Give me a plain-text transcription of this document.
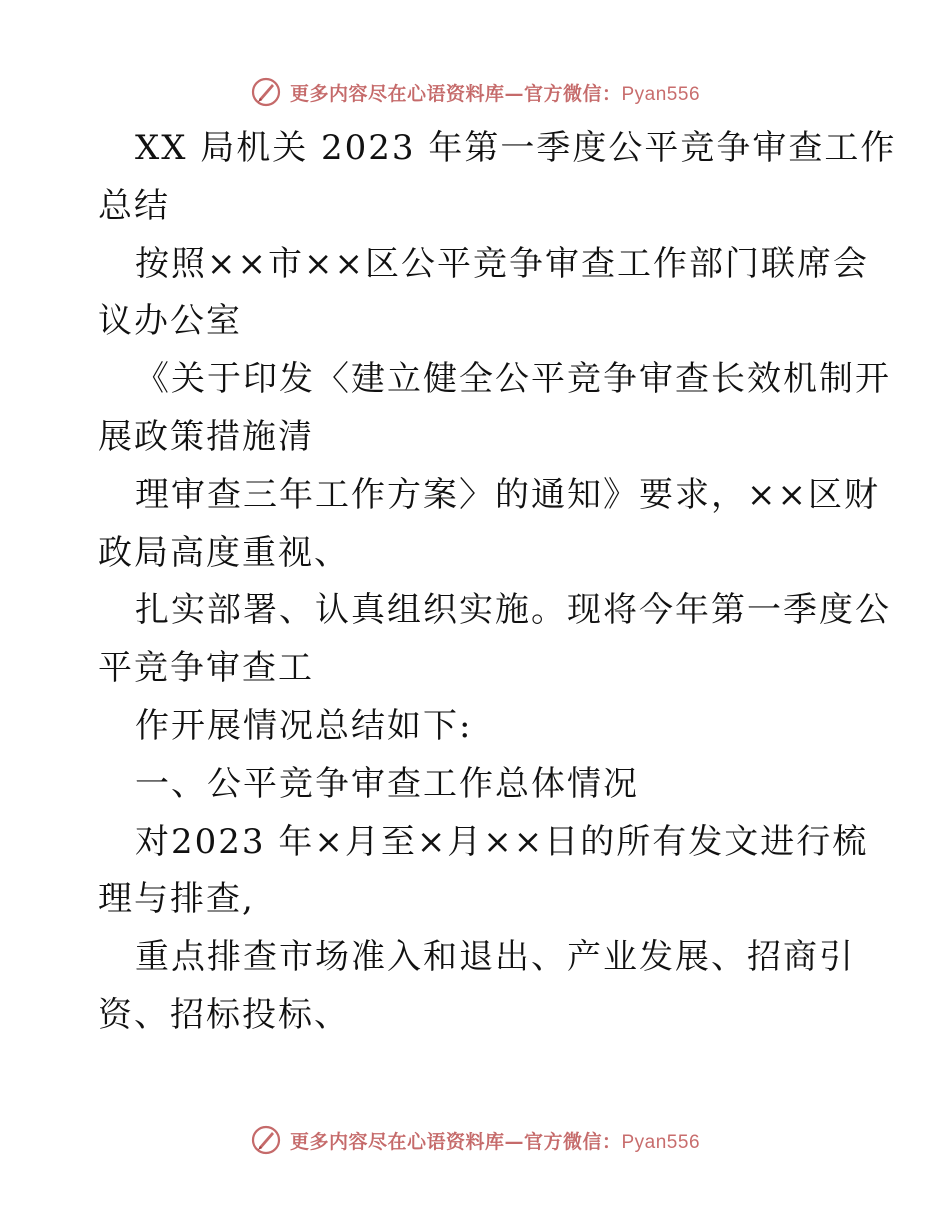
更多内容尽在心语资料库—官方微信：Pyan556
XX 局机关 2023 年第一季度公平竞争审查工作
总结
按照××市××区公平竞争审查工作部门联席会
议办公室
《关于印发〈建立健全公平竞争审查长效机制开
展政策措施清
理审查三年工作方案〉的通知》要求，××区财
政局高度重视、
扎实部署、认真组织实施。现将今年第一季度公
平竞争审查工
作开展情况总结如下:
一、公平竞争审查工作总体情况
对2023 年×月至×月××日的所有发文进行梳
理与排查,
重点排查市场准入和退出、产业发展、招商引
资、招标投标、
更多内容尽在心语资料库—官方微信：Pyan556
